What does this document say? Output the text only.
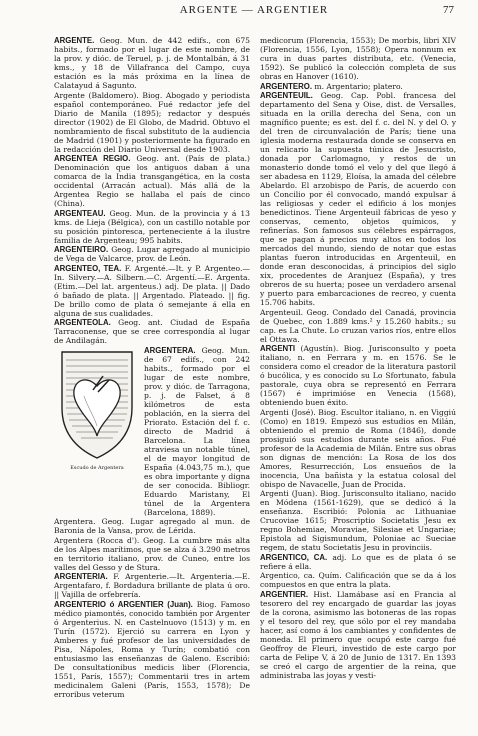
ARGENTE — ARGENTIER	77

ARGENTE. Geog. Mun. de 442 edifs., con 675 habits., formado por el lugar de este nombre, de la prov. y dióc. de Teruel, p. j. de Montalbán, á 31 kms., y 18 de Villafranca del Campo, cuya estación es la más próxima en la línea de Calatayud á Sagunto.

Argente (Baldomero). Biog. Abogado y periodista español contemporáneo. Fué redactor jefe del Diario de Manila (1895); redactor y después director (1902) de El Globo, de Madrid. Obtuvo el nombramiento de fiscal substituto de la audiencia de Madrid (1901) y posteriormente ha figurado en la redacción del Diario Universal desde 1903.

ARGENTEA REGIO. Geog. ant. (País de plata.) Denominación que los antiguos daban á una comarca de la India transgangética, en la costa occidental (Arracán actual). Más allá de la Argentea Regio se hallaba el país de cinco (China).

ARGENTEAU. Geog. Mun. de la provincia y á 13 kms. de Lieja (Bélgica), con un castillo notable por su posición pintoresca, perteneciente á la ilustre familia de Argenteau; 995 habits.

ARGENTEIRO. Geog. Lugar agregado al municipio de Vega de Valcarce, prov. de León.

ARGENTEO, TEA. F. Argenté.—It. y P. Argenteo.—In. Silvery.—A. Silbern.—C. Argentí.—E. Argenta. (Etim.—Del lat. argenteus.) adj. De plata. || Dado ó bañado de plata. || Argentado. Plateado. || fig. De brillo como de plata ó semejante á ella en alguna de sus cualidades.

ARGENTEOLA. Geog. ant. Ciudad de España Tarraconense, que se cree correspondía al lugar de Andilagán.

Escudo de Argentera

ARGENTERA. Geog. Mun. de 67 edifs., con 242 habits., formado por el lugar de este nombre, prov. y dióc. de Tarragona, p. j. de Falset, á 8 kilómetros de esta población, en la sierra del Priorato. Estación del f. c. directo de Madrid á Barcelona. La línea atraviesa un notable túnel, el de mayor longitud de España (4.043,75 m.), que es obra importante y digna de ser conocida. Bibliogr. Eduardo Maristany, El túnel de la Argentera (Barcelona, 1889).

Argentera. Geog. Lugar agregado al mun. de Baronia de la Vansa, prov. de Lérida.

Argentera (Rocca d'). Geog. La cumbre más alta de los Alpes marítimos, que se alza á 3.290 metros en territorio italiano, prov. de Cuneo, entre los valles del Gesso y de Stura.

ARGENTERIA. F. Argenterie.—It. Argenteria.—E. Argentafaro, f. Bordadura brillante de plata ú oro. || Vajilla de orfebrería.

ARGENTERIO ó ARGENTIER (Juan). Biog. Famoso médico piamontés, conocido también por Argenter ó Argenterius. N. en Castelnuovo (1513) y m. en Turín (1572). Ejerció su carrera en Lyon y Amberes y fué profesor de las universidades de Pisa, Nápoles, Roma y Turín; combatió con entusiasmo las enseñanzas de Galeno. Escribió: De consultationibus medicis liber (Florencia, 1551, París, 1557); Commentarii tres in artem medicinalem Galeni (París, 1553, 1578); De erroribus veterum

medicorum (Florencia, 1553); De morbis, libri XIV (Florencia, 1556, Lyon, 1558); Opera nonnum ex cura in duas partes distributa, etc. (Venecia, 1592). Se publicó la colección completa de sus obras en Hanover (1610).

ARGENTERO. m. Argentario; platero.

ARGENTEUIL. Geog. Cap. Pobl. francesa del departamento del Sena y Oise, dist. de Versalles, situada en la orilla derecha del Sena, con un magnífico puente; es est. del f. c. del N. y del O. y del tren de circunvalación de París; tiene una iglesia moderna restaurada donde se conserva en un relicario la supuesta túnica de Jesucristo, donada por Carlomagno, y restos de un monasterio donde tomó el velo y del que llegó á ser abadesa en 1129, Eloísa, la amada del célebre Abelardo. El arzobispo de París, de acuerdo con un Concilio por él convocado, mandó expulsar á las religiosas y ceder el edificio á los monjes benedictinos. Tiene Argenteuil fábricas de yeso y conservas, cemento, objetos químicos, y refinerías. Son famosos sus célebres espárragos, que se pagan á precios muy altos en todos los mercados del mundo, siendo de notar que estas plantas fueron introducidas en Argenteuil, en donde eran desconocidas, á principios del siglo xix, procedentes de Aranjuez (España), y tres obreros de su huerta; posee un verdadero arsenal y puerto para embarcaciones de recreo, y cuenta 15.706 habits.

Argenteuil. Geog. Condado del Canadá, provincia de Quebec, con 1.889 kms.² y 15.260 habits.; su cap. es La Chute. Lo cruzan varios ríos, entre ellos el Ottawa.

ARGENTI (Agustín). Biog. Jurisconsulto y poeta italiano, n. en Ferrara y m. en 1576. Se le considera como el creador de la literatura pastoril ó bucólica, y es conocido su Lo Sfortunato, fabula pastorale, cuya obra se representó en Ferrara (1567) é imprimióse en Venecia (1568), obteniendo buen éxito.

Argenti (José). Biog. Escultor italiano, n. en Viggiú (Como) en 1819. Empezó sus estudios en Milán, obteniendo el premio de Roma (1846), donde prosiguió sus estudios durante seis años. Fué profesor de la Academia de Milán. Entre sus obras son dignas de mención: La Rosa de los dos Amores, Resurrección, Los ensueños de la inocencia, Una bañista y la estatua colosal del obispo de Navacelle, Juan de Procida.

Argenti (Juan). Biog. Jurisconsulto italiano, nacido en Módena (1561-1629), que se dedicó á la enseñanza. Escribió: Polonia ac Lithuaniae Crucoviae 1615; Proscriptio Societatis Jesu ex regno Bohemiae, Moraviae, Silesiae et Ungariae; Epistola ad Sigismundum, Poloniae ac Sueciae regem, de statu Societatis Jesu in provinciis.

ARGENTICO, CA. adj. Lo que es de plata ó se refiere á ella.

Argentico, ca. Quím. Calificación que se da á los compuestos en que entra la plata.

ARGENTIER. Hist. Llamábase así en Francia al tesorero del rey encargado de guardar las joyas de la corona, asimismo las botoneras de las ropas y el tesoro del rey, que sólo por el rey mandaba hacer, así como á los cambiantes y confidentes de moneda. El primero que ocupó este cargo fué Geoffroy de Fleuri, investido de este cargo por carta de Felipe V, á 20 de Junio de 1317. En 1393 se creó el cargo de argentier de la reina, que administraba las joyas y vesti-
